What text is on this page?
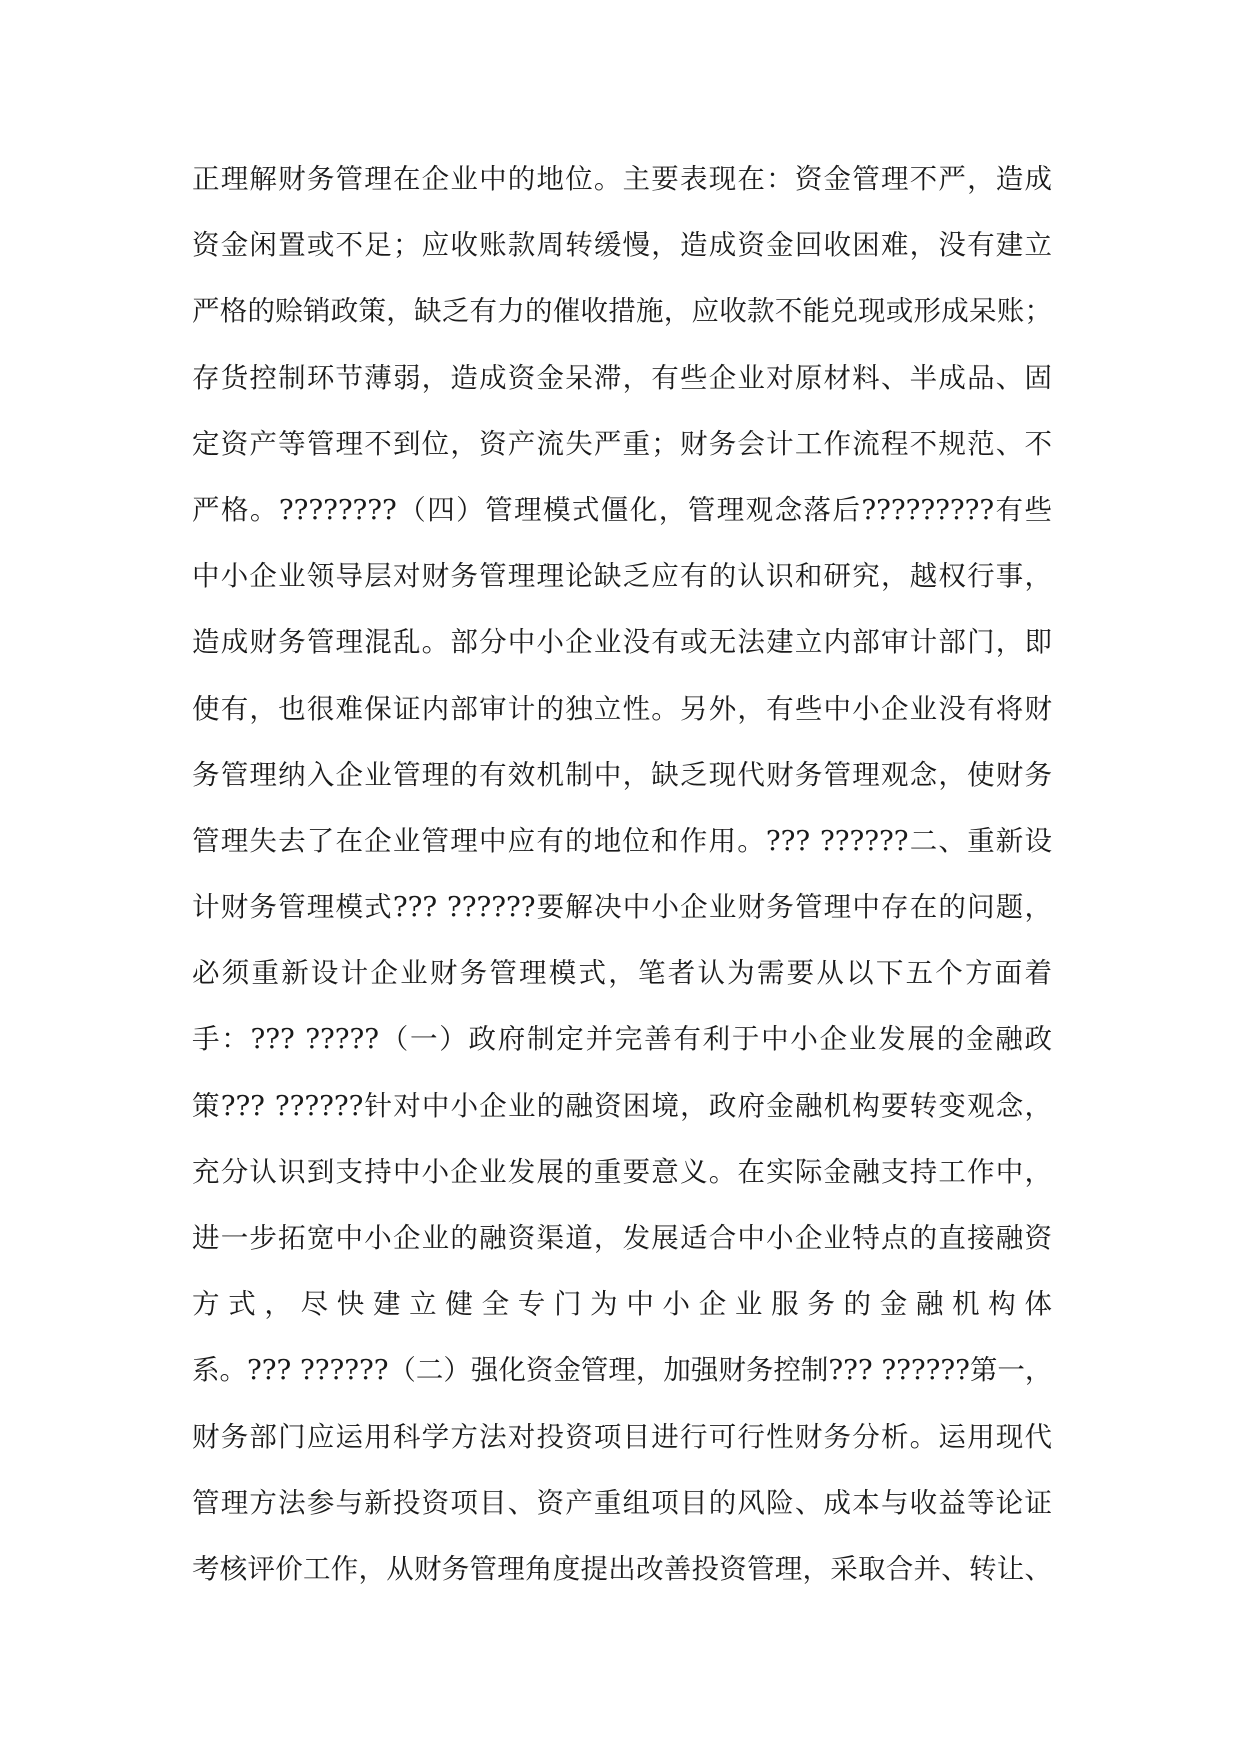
正理解财务管理在企业中的地位。主要表现在：资金管理不严，造成
资金闲置或不足；应收账款周转缓慢，造成资金回收困难，没有建立
严格的赊销政策，缺乏有力的催收措施，应收款不能兑现或形成呆账；
存货控制环节薄弱，造成资金呆滞，有些企业对原材料、半成品、固
定资产等管理不到位，资产流失严重；财务会计工作流程不规范、不
严格。????????（四）管理模式僵化，管理观念落后?????????有些
中小企业领导层对财务管理理论缺乏应有的认识和研究，越权行事，
造成财务管理混乱。部分中小企业没有或无法建立内部审计部门，即
使有，也很难保证内部审计的独立性。另外，有些中小企业没有将财
务管理纳入企业管理的有效机制中，缺乏现代财务管理观念，使财务
管理失去了在企业管理中应有的地位和作用。??? ??????二、重新设
计财务管理模式??? ??????要解决中小企业财务管理中存在的问题，
必须重新设计企业财务管理模式，笔者认为需要从以下五个方面着
手：??? ?????（一）政府制定并完善有利于中小企业发展的金融政
策??? ??????针对中小企业的融资困境，政府金融机构要转变观念，
充分认识到支持中小企业发展的重要意义。在实际金融支持工作中，
进一步拓宽中小企业的融资渠道，发展适合中小企业特点的直接融资
方式，尽快建立健全专门为中小企业服务的金融机构体
系。??? ??????（二）强化资金管理，加强财务控制??? ??????第一，
财务部门应运用科学方法对投资项目进行可行性财务分析。运用现代
管理方法参与新投资项目、资产重组项目的风险、成本与收益等论证
考核评价工作，从财务管理角度提出改善投资管理，采取合并、转让、
